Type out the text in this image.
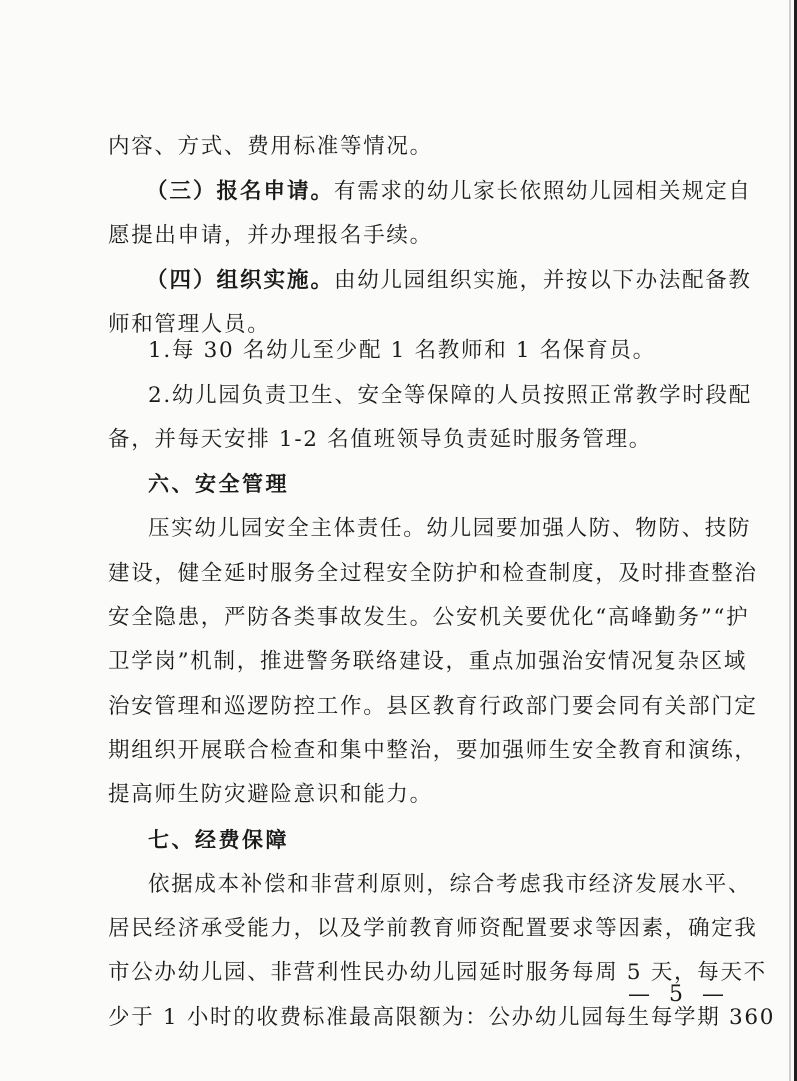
内容、方式、费用标准等情况。
（三）报名申请。有需求的幼儿家长依照幼儿园相关规定自
愿提出申请，并办理报名手续。
（四）组织实施。由幼儿园组织实施，并按以下办法配备教
师和管理人员。
1.每 30 名幼儿至少配 1 名教师和 1 名保育员。
2.幼儿园负责卫生、安全等保障的人员按照正常教学时段配
备，并每天安排 1-2 名值班领导负责延时服务管理。
六、安全管理
压实幼儿园安全主体责任。幼儿园要加强人防、物防、技防
建设，健全延时服务全过程安全防护和检查制度，及时排查整治
安全隐患，严防各类事故发生。公安机关要优化“高峰勤务”“护
卫学岗”机制，推进警务联络建设，重点加强治安情况复杂区域
治安管理和巡逻防控工作。县区教育行政部门要会同有关部门定
期组织开展联合检查和集中整治，要加强师生安全教育和演练，
提高师生防灾避险意识和能力。
七、经费保障
依据成本补偿和非营利原则，综合考虑我市经济发展水平、
居民经济承受能力，以及学前教育师资配置要求等因素，确定我
市公办幼儿园、非营利性民办幼儿园延时服务每周 5 天，每天不
少于 1 小时的收费标准最高限额为：公办幼儿园每生每学期 360
— 5 —
